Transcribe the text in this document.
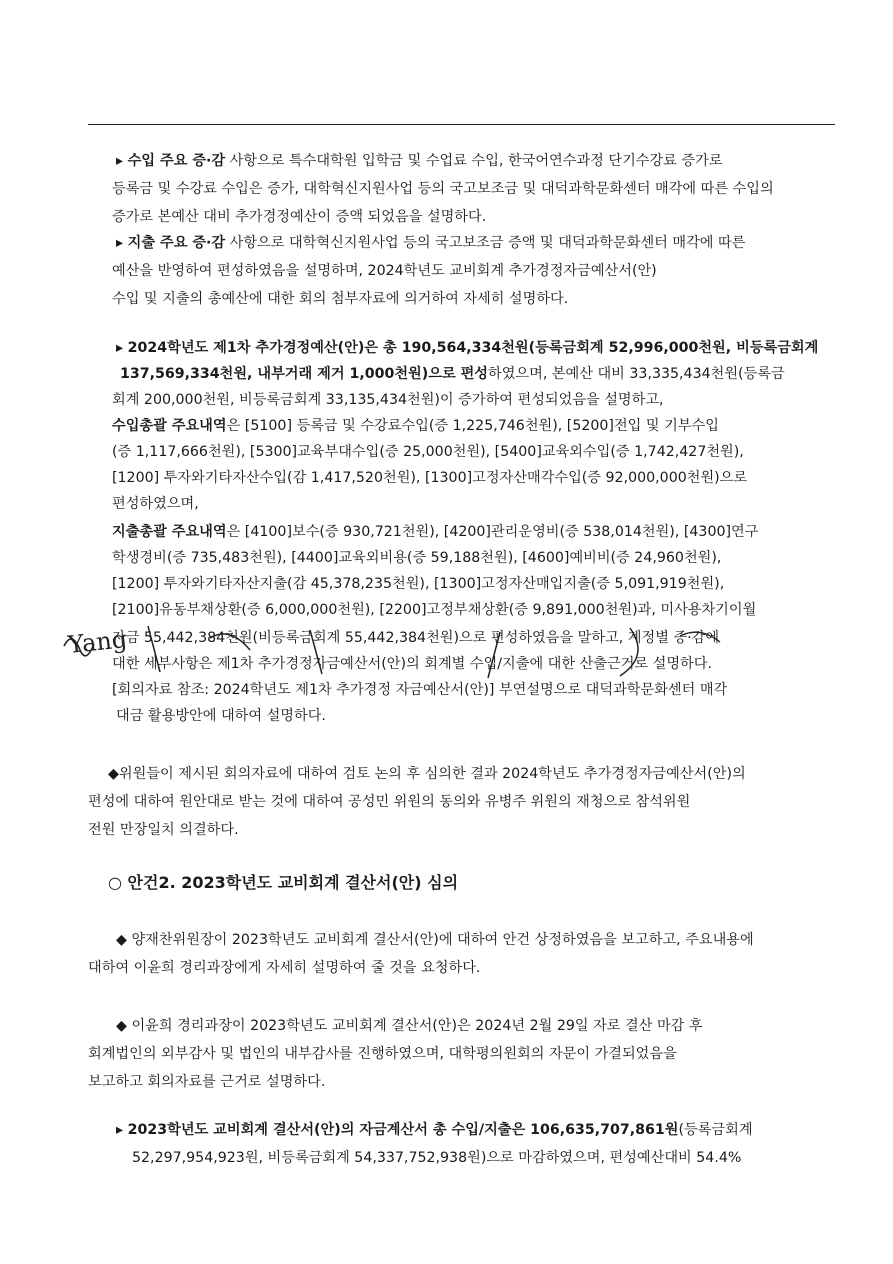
▸ 수입 주요 증·감 사항으로 특수대학원 입학금 및 수업료 수입, 한국어연수과정 단기수강료 증가로
등록금 및 수강료 수입은 증가, 대학혁신지원사업 등의 국고보조금 및 대덕과학문화센터 매각에 따른 수입의
증가로 본예산 대비 추가경정예산이 증액 되었음을 설명하다.
▸ 지출 주요 증·감 사항으로 대학혁신지원사업 등의 국고보조금 증액 및 대덕과학문화센터 매각에 따른
예산을 반영하여 편성하였음을 설명하며, 2024학년도 교비회계 추가경정자금예산서(안)
수입 및 지출의 총예산에 대한 회의 첨부자료에 의거하여 자세히 설명하다.
▸ 2024학년도 제1차 추가경정예산(안)은 총 190,564,334천원(등록금회계 52,996,000천원, 비등록금회계
137,569,334천원, 내부거래 제거 1,000천원)으로 편성하였으며, 본예산 대비 33,335,434천원(등록금
회계 200,000천원, 비등록금회계 33,135,434천원)이 증가하여 편성되었음을 설명하고,
수입총괄 주요내역은 [5100] 등록금 및 수강료수입(증 1,225,746천원), [5200]전입 및 기부수입
(증 1,117,666천원), [5300]교육부대수입(증 25,000천원), [5400]교육외수입(증 1,742,427천원),
[1200] 투자와기타자산수입(감 1,417,520천원), [1300]고정자산매각수입(증 92,000,000천원)으로
편성하였으며,
지출총괄 주요내역은 [4100]보수(증 930,721천원), [4200]관리운영비(증 538,014천원), [4300]연구
학생경비(증 735,483천원), [4400]교육외비용(증 59,188천원), [4600]예비비(증 24,960천원),
[1200] 투자와기타자산지출(감 45,378,235천원), [1300]고정자산매입지출(증 5,091,919천원),
[2100]유동부채상환(증 6,000,000천원), [2200]고정부채상환(증 9,891,000천원)과, 미사용차기이월
자금 55,442,384천원(비등록금회계 55,442,384천원)으로 편성하였음을 말하고, 계정별 증·감에
대한 세부사항은 제1차 추가경정자금예산서(안)의 회계별 수입/지출에 대한 산출근거로 설명하다.
[회의자료 참조: 2024학년도 제1차 추가경정 자금예산서(안)] 부연설명으로 대덕과학문화센터 매각
대금 활용방안에 대하여 설명하다.
Yang
◆위원들이 제시된 회의자료에 대하여 검토 논의 후 심의한 결과 2024학년도 추가경정자금예산서(안)의
편성에 대하여 원안대로 받는 것에 대하여 공성민 위원의 동의와 유병주 위원의 재청으로 참석위원
전원 만장일치 의결하다.
○ 안건2. 2023학년도 교비회계 결산서(안) 심의
◆ 양재찬위원장이 2023학년도 교비회계 결산서(안)에 대하여 안건 상정하였음을 보고하고, 주요내용에
대하여 이윤희 경리과장에게 자세히 설명하여 줄 것을 요청하다.
◆ 이윤희 경리과장이 2023학년도 교비회계 결산서(안)은 2024년 2월 29일 자로 결산 마감 후
회계법인의 외부감사 및 법인의 내부감사를 진행하였으며, 대학평의원회의 자문이 가결되었음을
보고하고 회의자료를 근거로 설명하다.
▸ 2023학년도 교비회계 결산서(안)의 자금계산서 총 수입/지출은 106,635,707,861원(등록금회계
52,297,954,923원, 비등록금회계 54,337,752,938원)으로 마감하였으며, 편성예산대비 54.4%
